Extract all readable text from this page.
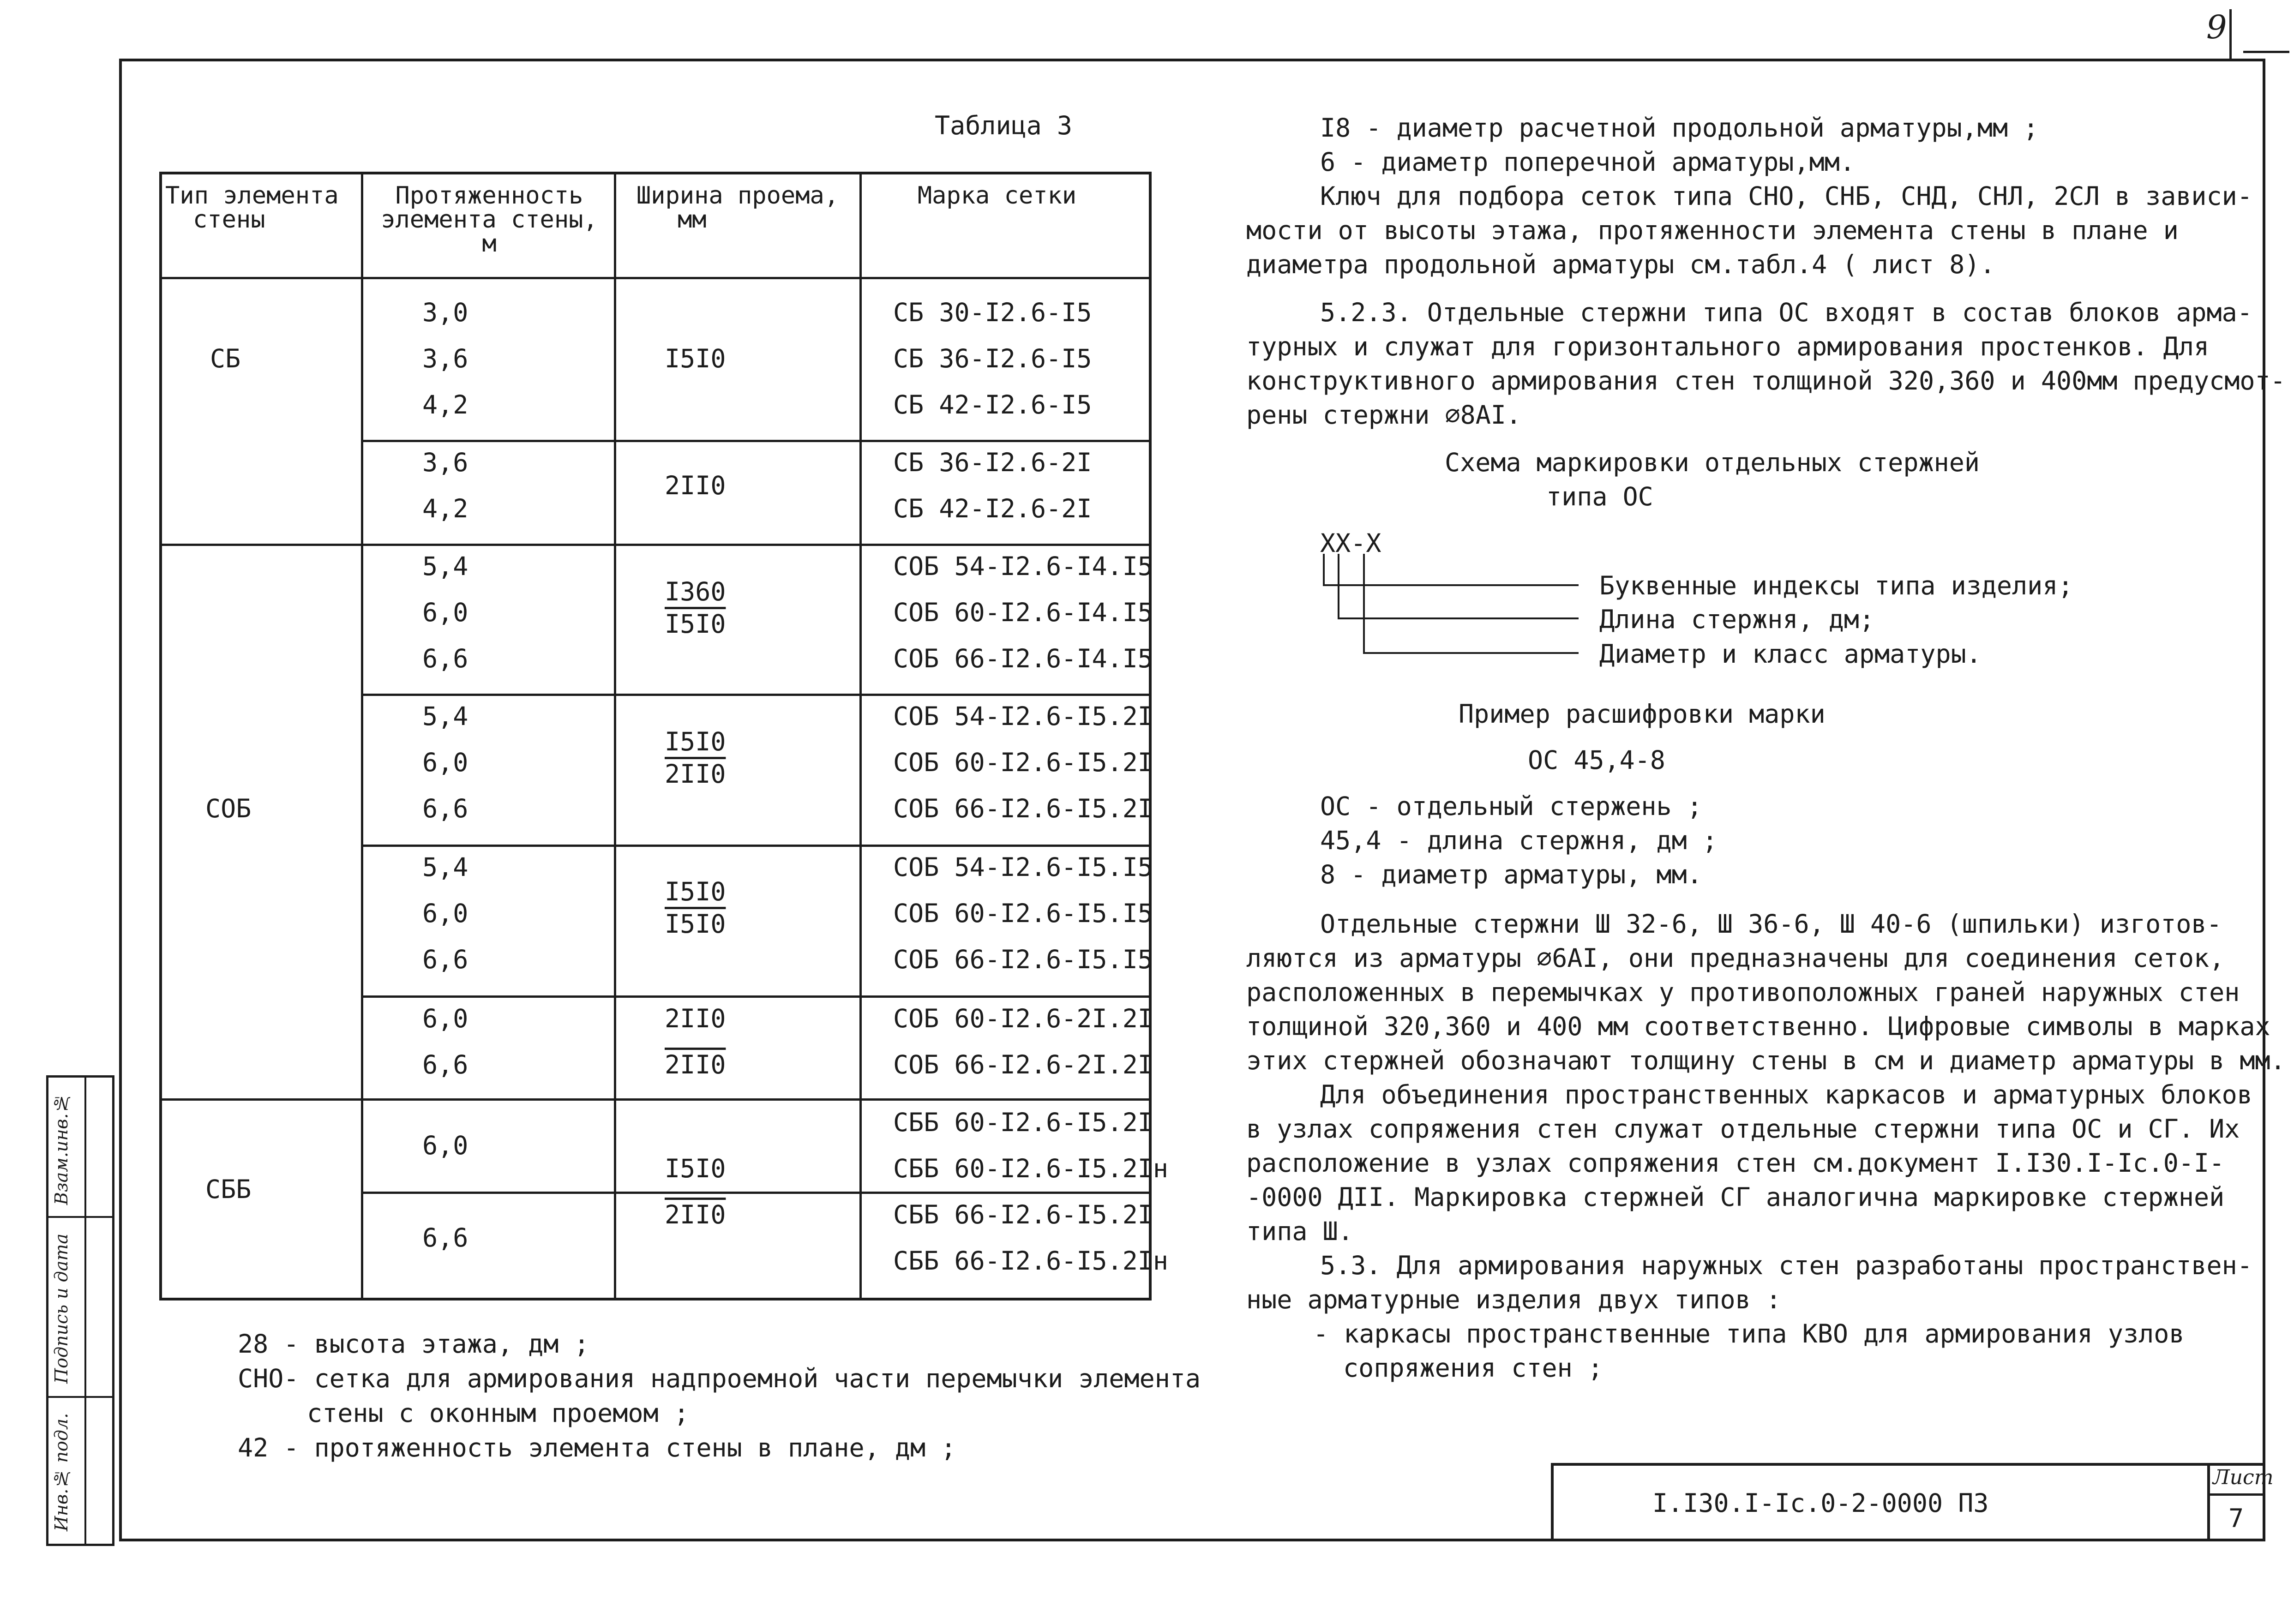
9
Взам.инв.№
Подпись и дата
Инв.№ подл.
Таблица 3
Тип элемента
стены
Протяженность
элемента стены,
м
Ширина проема,
мм
Марка сетки
СБ
СОБ
СББ
3,0
3,6
4,2
I5I0
СБ 30-I2.6-I5
СБ 36-I2.6-I5
СБ 42-I2.6-I5
3,6
4,2
2II0
СБ 36-I2.6-2I
СБ 42-I2.6-2I
5,4
6,0
6,6
I360
I5I0
СОБ 54-I2.6-I4.I5
СОБ 60-I2.6-I4.I5
СОБ 66-I2.6-I4.I5
5,4
6,0
6,6
I5I0
2II0
СОБ 54-I2.6-I5.2I
СОБ 60-I2.6-I5.2I
СОБ 66-I2.6-I5.2I
5,4
6,0
6,6
I5I0
I5I0
СОБ 54-I2.6-I5.I5
СОБ 60-I2.6-I5.I5
СОБ 66-I2.6-I5.I5
6,0
6,6
2II0
2II0
СОБ 60-I2.6-2I.2I
СОБ 66-I2.6-2I.2I
6,0
6,6
I5I0
2II0
СББ 60-I2.6-I5.2I
СББ 60-I2.6-I5.2Iн
СББ 66-I2.6-I5.2I
СББ 66-I2.6-I5.2Iн
28 - высота этажа, дм ;
СНО- сетка для армирования надпроемной части перемычки элемента
стены с оконным проемом ;
42 - протяженность элемента стены в плане, дм ;
I8 - диаметр расчетной продольной арматуры,мм ;
6 - диаметр поперечной арматуры,мм.
Ключ для подбора сеток типа СНО, СНБ, СНД, СНЛ, 2СЛ в зависи-
мости от высоты этажа, протяженности элемента стены в плане и
диаметра продольной арматуры см.табл.4 ( лист 8).
5.2.3. Отдельные стержни типа ОС входят в состав блоков арма-
турных и служат для горизонтального армирования простенков. Для
конструктивного армирования стен толщиной 320,360 и 400мм предусмот-
рены стержни ⌀8AI.
Схема маркировки отдельных стержней
типа ОС
XX-X
Буквенные индексы типа изделия;
Длина стержня, дм;
Диаметр и класс арматуры.
Пример расшифровки марки
ОС 45,4-8
ОС - отдельный стержень ;
45,4 - длина стержня, дм ;
8 - диаметр арматуры, мм.
Отдельные стержни Ш 32-6, Ш 36-6, Ш 40-6 (шпильки) изготов-
ляются из арматуры ⌀6AI, они предназначены для соединения сеток,
расположенных в перемычках у противоположных граней наружных стен
толщиной 320,360 и 400 мм соответственно. Цифровые символы в марках
этих стержней обозначают толщину стены в см и диаметр арматуры в мм.
Для объединения пространственных каркасов и арматурных блоков
в узлах сопряжения стен служат отдельные стержни типа ОС и СГ. Их
расположение в узлах сопряжения стен см.документ I.I30.I-Ic.0-I-
-0000 ДII. Маркировка стержней СГ аналогична маркировке стержней
типа Ш.
5.3. Для армирования наружных стен разработаны пространствен-
ные арматурные изделия двух типов :
- каркасы пространственные типа КВО для армирования узлов
сопряжения стен ;
I.I30.I-Ic.0-2-0000 ПЗ
Лист
7
